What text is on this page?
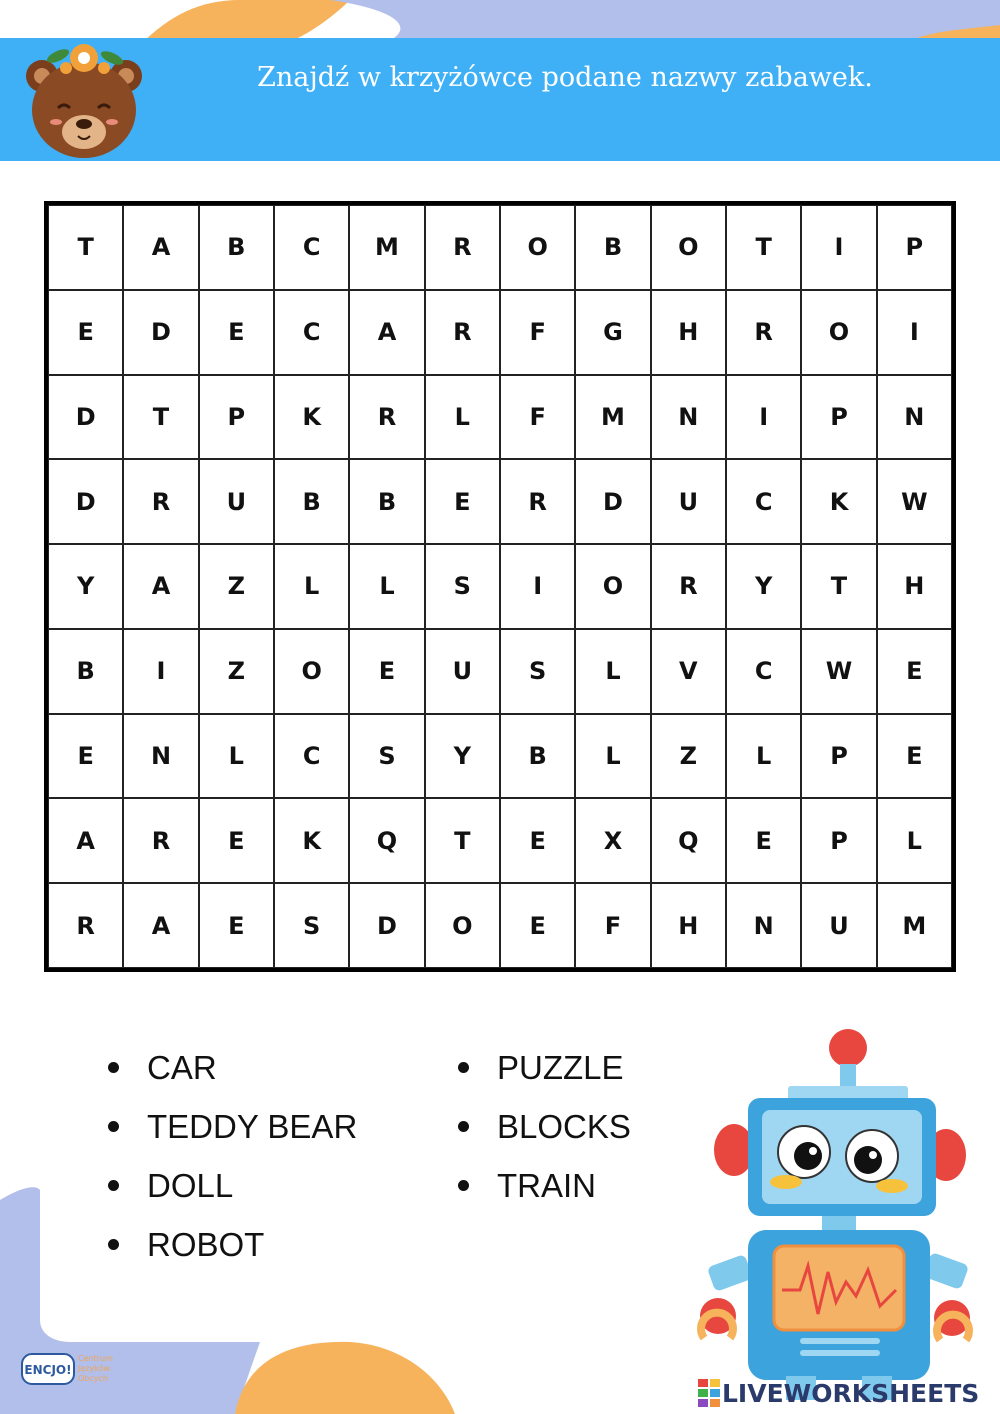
Znajdź w krzyżówce podane nazwy zabawek.
T	A	B	C	M	R	O	B	O	T	I	P
E	D	E	C	A	R	F	G	H	R	O	I
D	T	P	K	R	L	F	M	N	I	P	N
D	R	U	B	B	E	R	D	U	C	K	W
Y	A	Z	L	L	S	I	O	R	Y	T	H
B	I	Z	O	E	U	S	L	V	C	W	E
E	N	L	C	S	Y	B	L	Z	L	P	E
A	R	E	K	Q	T	E	X	Q	E	P	L
R	A	E	S	D	O	E	F	H	N	U	M
CAR
TEDDY BEAR
DOLL
ROBOT
PUZZLE
BLOCKS
TRAIN
ENCJO!
Centrum
Języków
Obcych	LIVEWORKSHEETS
